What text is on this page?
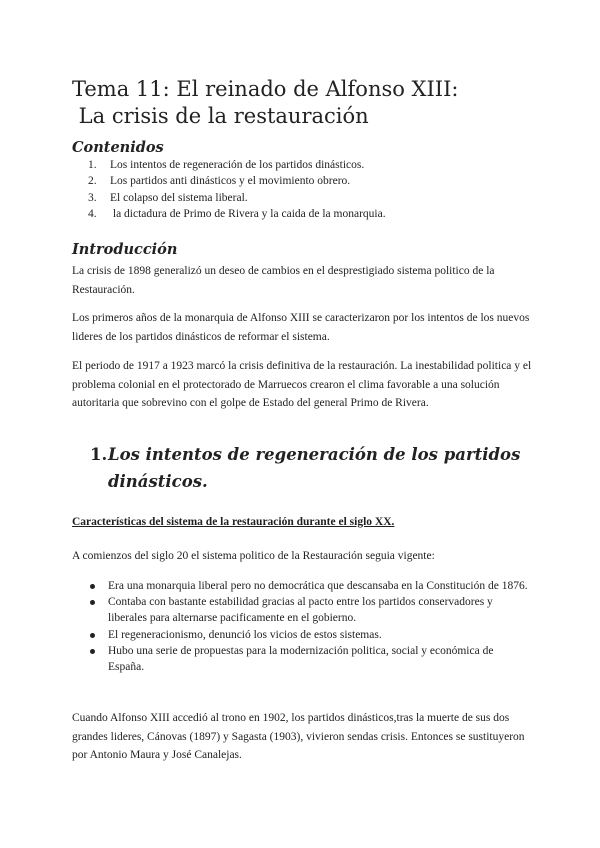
Tema 11: El reinado de Alfonso XIII:
La crisis de la restauración
Contenidos
1. Los intentos de regeneración de los partidos dinásticos.
2. Los partidos anti dinásticos y el movimiento obrero.
3. El colapso del sistema liberal.
4. la dictadura de Primo de Rivera y la caida de la monarquia.
Introducción

La crisis de 1898 generalizó un deseo de cambios en el desprestigiado sistema politico de la Restauración.

Los primeros años de la monarquia de Alfonso XIII se caracterizaron por los intentos de los nuevos lideres de los partidos dinásticos de reformar el sistema.

El periodo de 1917 a 1923 marcó la crisis definitiva de la restauración. La inestabilidad politica y el problema colonial en el protectorado de Marruecos crearon el clima favorable a una solución autoritaria que sobrevino con el golpe de Estado del general Primo de Rivera.

1. Los intentos de regeneración de los partidos
dinásticos.
Características del sistema de la restauración durante el siglo XX.

A comienzos del siglo 20 el sistema politico de la Restauración seguia vigente:

Era una monarquia liberal pero no democrática que descansaba en la Constitución de 1876.
Contaba con bastante estabilidad gracias al pacto entre los partidos conservadores y liberales para alternarse pacificamente en el gobierno.
El regeneracionismo, denunció los vicios de estos sistemas.
Hubo una serie de propuestas para la modernización politica, social y económica de España.

Cuando Alfonso XIII accedió al trono en 1902, los partidos dinásticos,tras la muerte de sus dos grandes lideres, Cánovas (1897) y Sagasta (1903), vivieron sendas crisis. Entonces se sustituyeron por Antonio Maura y José Canalejas.
